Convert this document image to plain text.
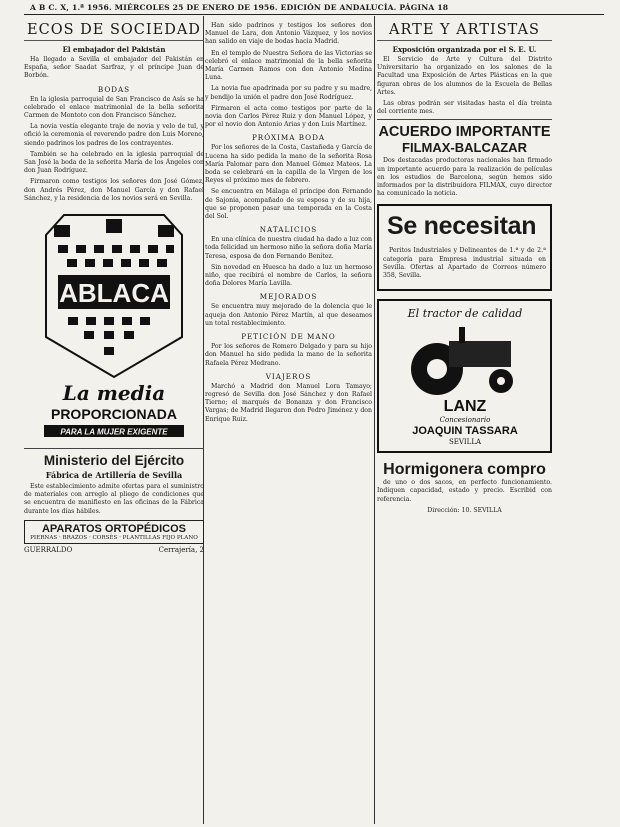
A B C. X, 1.ª 1956. MIÉRCOLES 25 DE ENERO DE 1956. EDICIÓN DE ANDALUCÍA. PÁGINA 18
ECOS DE SOCIEDAD
El embajador del Pakistán

Ha llegado a Sevilla el embajador del Pakistán en España, señor Saadat Sarfraz, y el príncipe Juan de Borbón.

BODAS

En la iglesia parroquial de San Francisco de Asís se ha celebrado el enlace matrimonial de la bella señorita Carmen de Montoto con don Francisco Sánchez.

La novia vestía elegante traje de novia y velo de tul, y ofició la ceremonia el reverendo padre don Luis Moreno, siendo padrinos los padres de los contrayentes.

También se ha celebrado en la iglesia parroquial de San José la boda de la señorita María de los Ángeles con don Juan Rodríguez.

Firmaron como testigos los señores don José Gómez, don Andrés Pérez, don Manuel García y don Rafael Sánchez, y la residencia de los novios será en Sevilla.

ABLACA
La media
PROPORCIONADA
PARA LA MUJER EXIGENTE
Ministerio del Ejército
Fábrica de Artillería de Sevilla

Este establecimiento admite ofertas para el suministro de materiales con arreglo al pliego de condiciones que se encuentra de manifiesto en las oficinas de la Fábrica durante los días hábiles.

APARATOS ORTOPÉDICOS
PIERNAS · BRAZOS · CORSÉS · PLANTILLAS FIJO PLANO
GUERRALDO	Cerrajería, 2

Han sido padrinos y testigos los señores don Manuel de Lara, don Antonio Vázquez, y los novios han salido en viaje de bodas hacia Madrid.

En el templo de Nuestra Señora de las Victorias se celebró el enlace matrimonial de la bella señorita María Carmen Ramos con don Antonio Medina Luna.

La novia fue apadrinada por su padre y su madre, y bendijo la unión el padre don José Rodríguez.

Firmaron el acta como testigos por parte de la novia don Carlos Pérez Ruiz y don Manuel López, y por el novio don Antonio Arias y don Luis Martínez.

PRÓXIMA BODA

Por los señores de la Costa, Castañeda y García de Lucena ha sido pedida la mano de la señorita Rosa María Palomar para don Manuel Gómez Mateos. La boda se celebrará en la capilla de la Virgen de los Reyes el próximo mes de febrero.

Se encuentra en Málaga el príncipe don Fernando de Sajonia, acompañado de su esposa y de su hija, que se proponen pasar una temporada en la Costa del Sol.

NATALICIOS

En una clínica de nuestra ciudad ha dado a luz con toda felicidad un hermoso niño la señora doña María Teresa, esposa de don Fernando Benítez.

Sin novedad en Huesca ha dado a luz un hermoso niño, que recibirá el nombre de Carlos, la señora doña Dolores María Lavilla.

MEJORADOS

Se encuentra muy mejorado de la dolencia que le aqueja don Antonio Pérez Martín, al que deseamos un total restablecimiento.

PETICIÓN DE MANO

Por los señores de Romero Delgado y para su hijo don Manuel ha sido pedida la mano de la señorita Rafaela Pérez Medrano.

VIAJEROS

Marchó a Madrid don Manuel Lora Tamayo; regresó de Sevilla don José Sánchez y don Rafael Tierno; el marqués de Bonanza y don Francisco Vargas; de Madrid llegaron don Pedro Jiménez y don Enrique Ruiz.

ARTE Y ARTISTAS
Exposición organizada por el S. E. U.

El Servicio de Arte y Cultura del Distrito Universitario ha organizado en los salones de la Facultad una Exposición de Artes Plásticas en la que figuran obras de los alumnos de la Escuela de Bellas Artes.

Las obras podrán ser visitadas hasta el día treinta del corriente mes.

ACUERDO IMPORTANTE
FILMAX-BALCAZAR

Dos destacadas productoras nacionales han firmado un importante acuerdo para la realización de películas en los estudios de Barcelona, según hemos sido informados por la distribuidora FILMAX, cuyo director ha comunicado la noticia.

Se necesitan

Peritos Industriales y Delineantes de 1.ª y de 2.ª categoría para Empresa industrial situada en Sevilla. Ofertas al Apartado de Correos número 358, Sevilla.

El tractor de calidad
LANZ
Concesionario
JOAQUIN TASSARA
SEVILLA
Hormigonera compro

de uno o dos sacos, en perfecto funcionamiento. Indiquen capacidad, estado y precio. Escribid con referencia.

Dirección: 10. SEVILLA
